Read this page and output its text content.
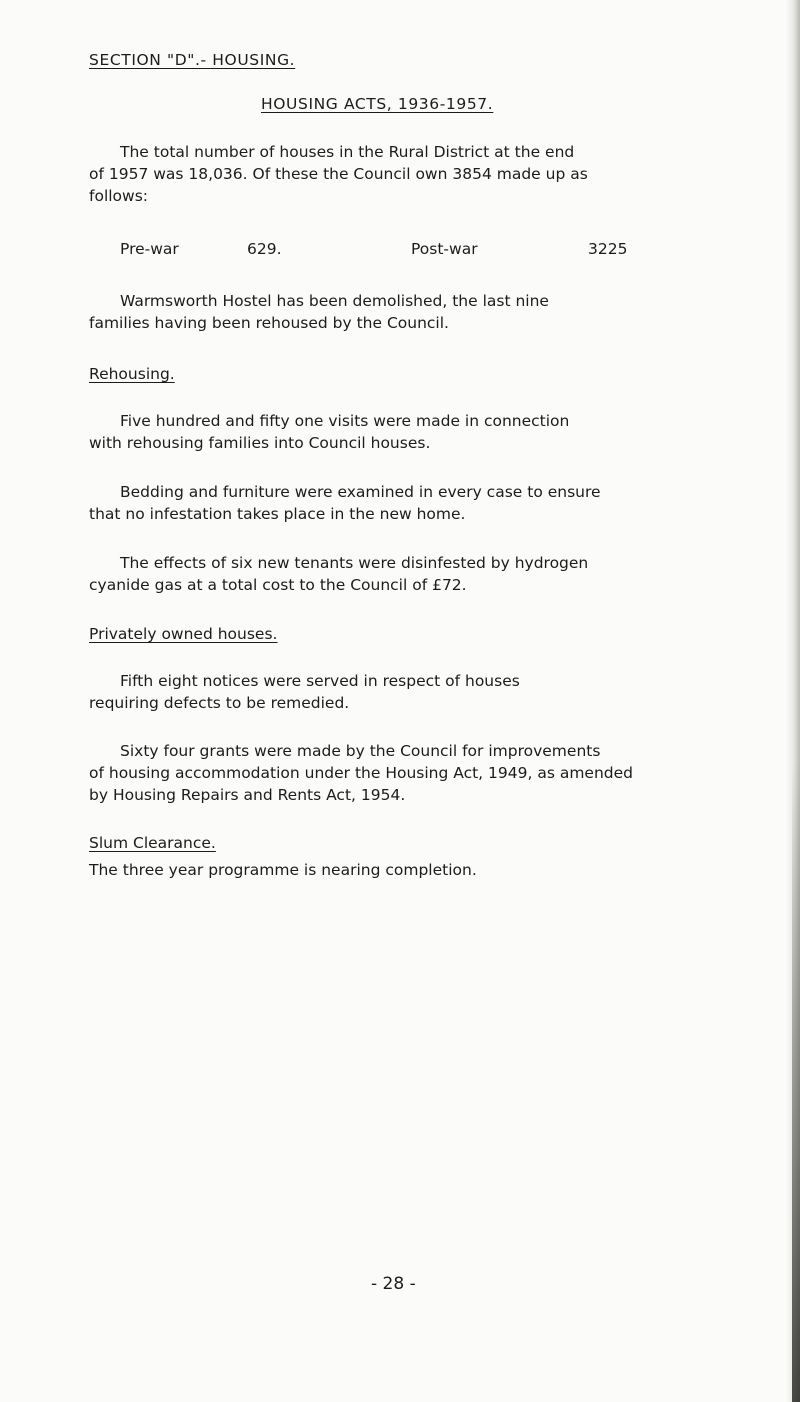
SECTION "D".- HOUSING.
HOUSING ACTS, 1936-1957.

The total number of houses in the Rural District at the end

of 1957 was 18,036. Of these the Council own 3854 made up as

follows:

Pre-war	629.	Post-war	3225

Warmsworth Hostel has been demolished, the last nine

families having been rehoused by the Council.

Rehousing.

Five hundred and fifty one visits were made in connection

with rehousing families into Council houses.

Bedding and furniture were examined in every case to ensure

that no infestation takes place in the new home.

The effects of six new tenants were disinfested by hydrogen

cyanide gas at a total cost to the Council of £72.

Privately owned houses.

Fifth eight notices were served in respect of houses

requiring defects to be remedied.

Sixty four grants were made by the Council for improvements

of housing accommodation under the Housing Act, 1949, as amended

by Housing Repairs and Rents Act, 1954.

Slum Clearance.

The three year programme is nearing completion.

- 28 -
